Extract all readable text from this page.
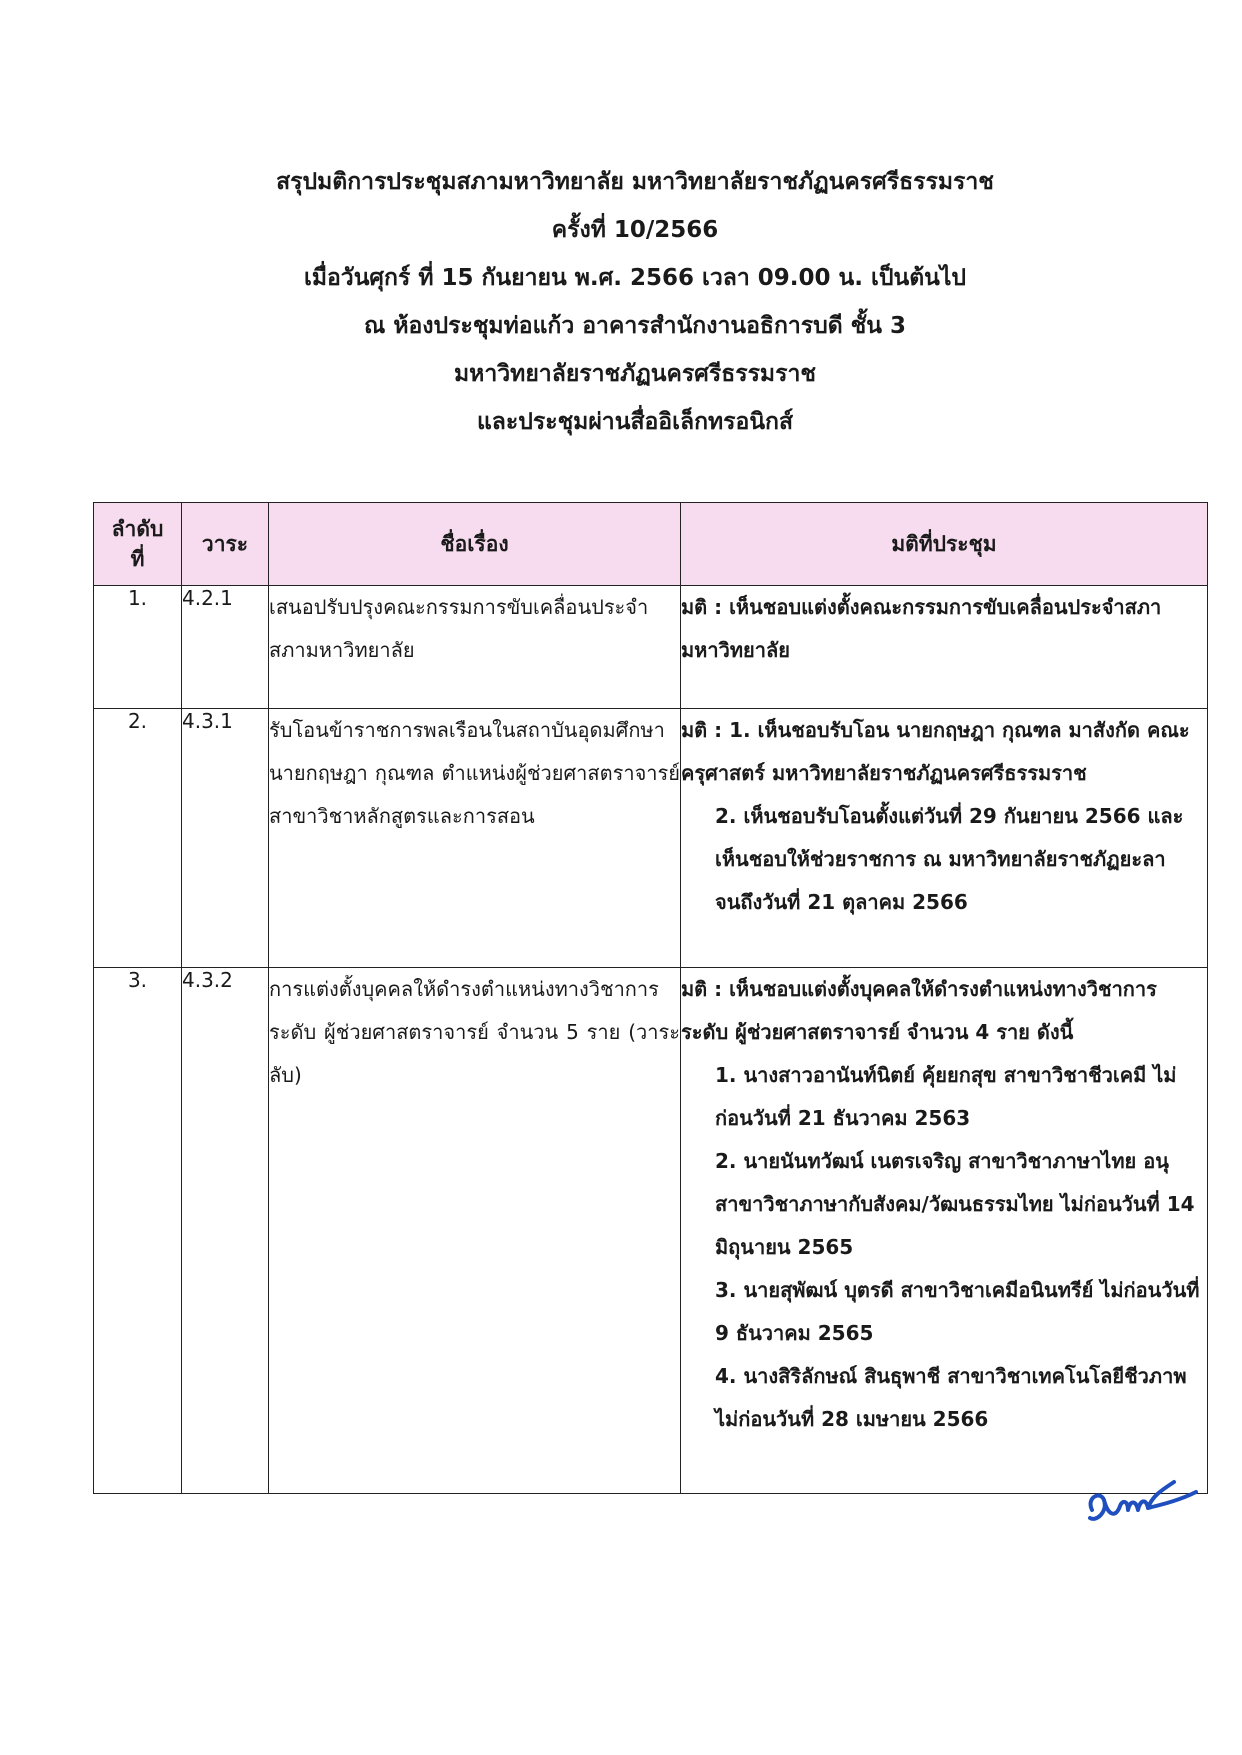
สรุปมติการประชุมสภามหาวิทยาลัย มหาวิทยาลัยราชภัฏนครศรีธรรมราช
ครั้งที่ 10/2566
เมื่อวันศุกร์ ที่ 15 กันยายน พ.ศ. 2566 เวลา 09.00 น. เป็นต้นไป
ณ ห้องประชุมท่อแก้ว อาคารสำนักงานอธิการบดี ชั้น 3
มหาวิทยาลัยราชภัฏนครศรีธรรมราช
และประชุมผ่านสื่ออิเล็กทรอนิกส์
ลำดับ
ที่	วาระ	ชื่อเรื่อง	มติที่ประชุม
1.	4.2.1	เสนอปรับปรุงคณะกรรมการขับเคลื่อนประจำสภามหาวิทยาลัย	มติ : เห็นชอบแต่งตั้งคณะกรรมการขับเคลื่อนประจำสภามหาวิทยาลัย

2.	4.3.1	รับโอนข้าราชการพลเรือนในสถาบันอุดมศึกษา นายกฤษฎา กุณฑล ตำแหน่งผู้ช่วยศาสตราจารย์ สาขาวิชาหลักสูตรและการสอน	มติ : 1. เห็นชอบรับโอน นายกฤษฎา กุณฑล มาสังกัด คณะครุศาสตร์ มหาวิทยาลัยราชภัฏนครศรีธรรมราช

2. เห็นชอบรับโอนตั้งแต่วันที่ 29 กันยายน 2566 และเห็นชอบให้ช่วยราชการ ณ มหาวิทยาลัยราชภัฏยะลา จนถึงวันที่ 21 ตุลาคม 2566

3.	4.3.2	การแต่งตั้งบุคคลให้ดำรงตำแหน่งทางวิชาการ ระดับ ผู้ช่วยศาสตราจารย์ จำนวน 5 ราย (วาระลับ)	มติ : เห็นชอบแต่งตั้งบุคคลให้ดำรงตำแหน่งทางวิชาการ ระดับ ผู้ช่วยศาสตราจารย์ จำนวน 4 ราย ดังนี้

1. นางสาวอานันท์นิตย์ คุ้ยยกสุข สาขาวิชาชีวเคมี ไม่ก่อนวันที่ 21 ธันวาคม 2563

2. นายนันทวัฒน์ เนตรเจริญ สาขาวิชาภาษาไทย อนุสาขาวิชาภาษากับสังคม/วัฒนธรรมไทย ไม่ก่อนวันที่ 14 มิถุนายน 2565

3. นายสุพัฒน์ บุตรดี สาขาวิชาเคมีอนินทรีย์ ไม่ก่อนวันที่ 9 ธันวาคม 2565

4. นางสิริลักษณ์ สินธุพาชี สาขาวิชาเทคโนโลยีชีวภาพ ไม่ก่อนวันที่ 28 เมษายน 2566
